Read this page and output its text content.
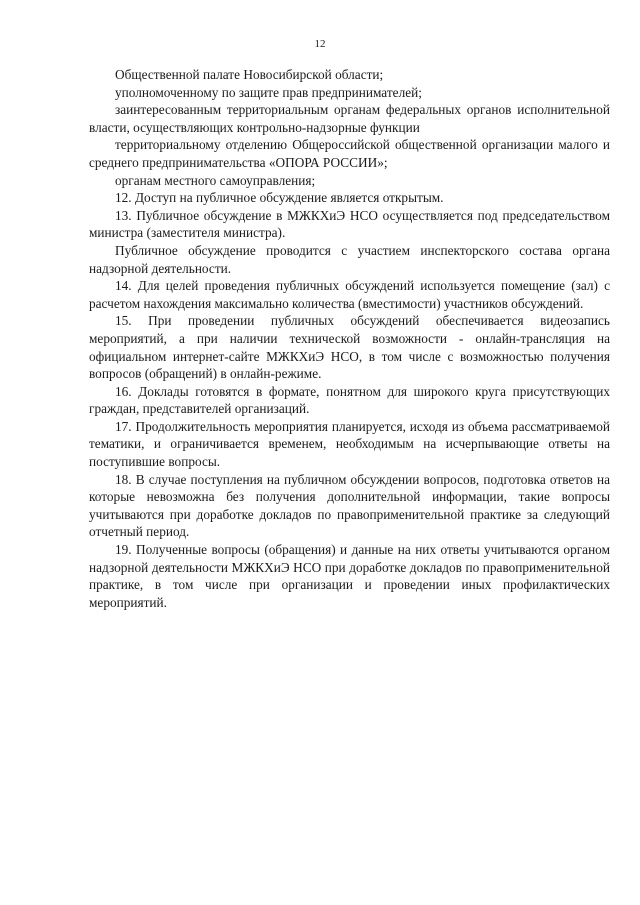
12

Общественной палате Новосибирской области;

уполномоченному по защите прав предпринимателей;

заинтересованным территориальным органам федеральных органов исполнительной власти, осуществляющих контрольно-надзорные функции

территориальному отделению Общероссийской общественной организации малого и среднего предпринимательства «ОПОРА РОССИИ»;

органам местного самоуправления;

12. Доступ на публичное обсуждение является открытым.

13. Публичное обсуждение в МЖКХиЭ НСО осуществляется под председательством министра (заместителя министра).

Публичное обсуждение проводится с участием инспекторского состава органа надзорной деятельности.

14. Для целей проведения публичных обсуждений используется помещение (зал) с расчетом нахождения максимально количества (вместимости) участников обсуждений.

15. При проведении публичных обсуждений обеспечивается видеозапись мероприятий, а при наличии технической возможности - онлайн-трансляция на официальном интернет-сайте МЖКХиЭ НСО, в том числе с возможностью получения вопросов (обращений) в онлайн-режиме.

16. Доклады готовятся в формате, понятном для широкого круга присутствующих граждан, представителей организаций.

17. Продолжительность мероприятия планируется, исходя из объема рассматриваемой тематики, и ограничивается временем, необходимым на исчерпывающие ответы на поступившие вопросы.

18. В случае поступления на публичном обсуждении вопросов, подготовка ответов на которые невозможна без получения дополнительной информации, такие вопросы учитываются при доработке докладов по правоприменительной практике за следующий отчетный период.

19. Полученные вопросы (обращения) и данные на них ответы учитываются органом надзорной деятельности МЖКХиЭ НСО при доработке докладов по правоприменительной практике, в том числе при организации и проведении иных профилактических мероприятий.
